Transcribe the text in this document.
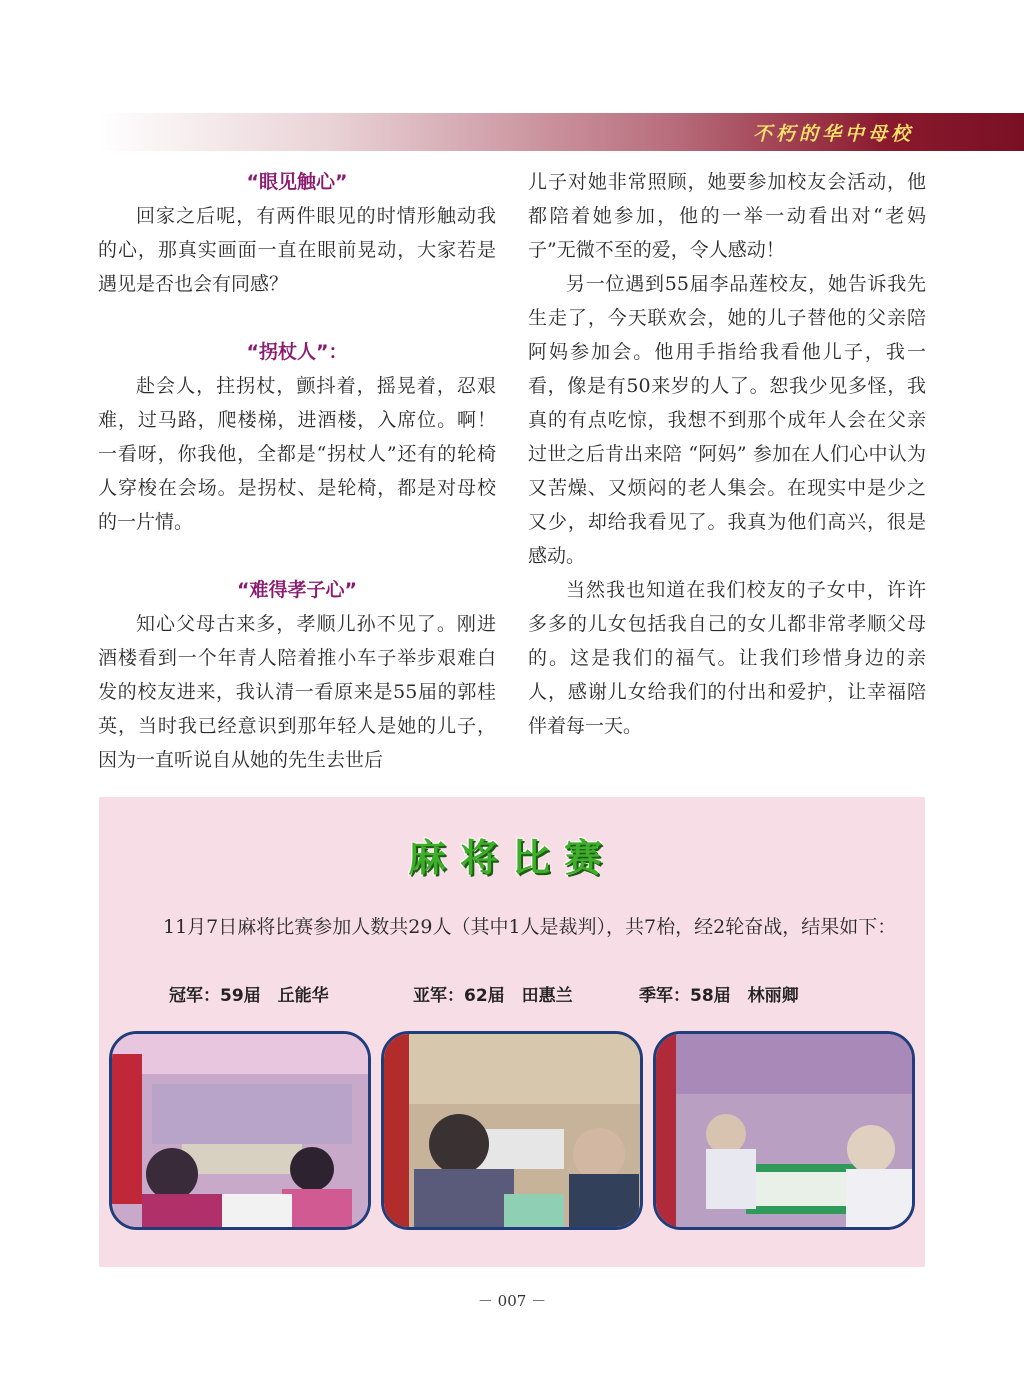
不朽的华中母校
“眼见触心”

回家之后呢，有两件眼见的时情形触动我的心，那真实画面一直在眼前晃动，大家若是遇见是否也会有同感？

“拐杖人”：

赴会人，拄拐杖，颤抖着，摇晃着，忍艰难，过马路，爬楼梯，进酒楼，入席位。啊！一看呀，你我他，全都是“拐杖人”还有的轮椅人穿梭在会场。是拐杖、是轮椅，都是对母校的一片情。

“难得孝子心”

知心父母古来多，孝顺儿孙不见了。刚进酒楼看到一个年青人陪着推小车子举步艰难白发的校友进来，我认清一看原来是55届的郭桂英，当时我已经意识到那年轻人是她的儿子，因为一直听说自从她的先生去世后

儿子对她非常照顾，她要参加校友会活动，他都陪着她参加，他的一举一动看出对“老妈子”无微不至的爱，令人感动！

另一位遇到55届李品莲校友，她告诉我先生走了，今天联欢会，她的儿子替他的父亲陪阿妈参加会。他用手指给我看他儿子，我一看，像是有50来岁的人了。恕我少见多怪，我真的有点吃惊，我想不到那个成年人会在父亲过世之后肯出来陪 “阿妈” 参加在人们心中认为又苦燥、又烦闷的老人集会。在现实中是少之又少，却给我看见了。我真为他们高兴，很是感动。

当然我也知道在我们校友的子女中，许许多多的儿女包括我自己的女儿都非常孝顺父母的。这是我们的福气。让我们珍惜身边的亲人，感谢儿女给我们的付出和爱护，让幸福陪伴着每一天。

麻将比赛
11月7日麻将比赛参加人数共29人（其中1人是裁判），共7枱，经2轮奋战，结果如下：
冠军：59届　丘能华	亚军：62届　田惠兰	季军：58届　林丽卿
－ 007 －
